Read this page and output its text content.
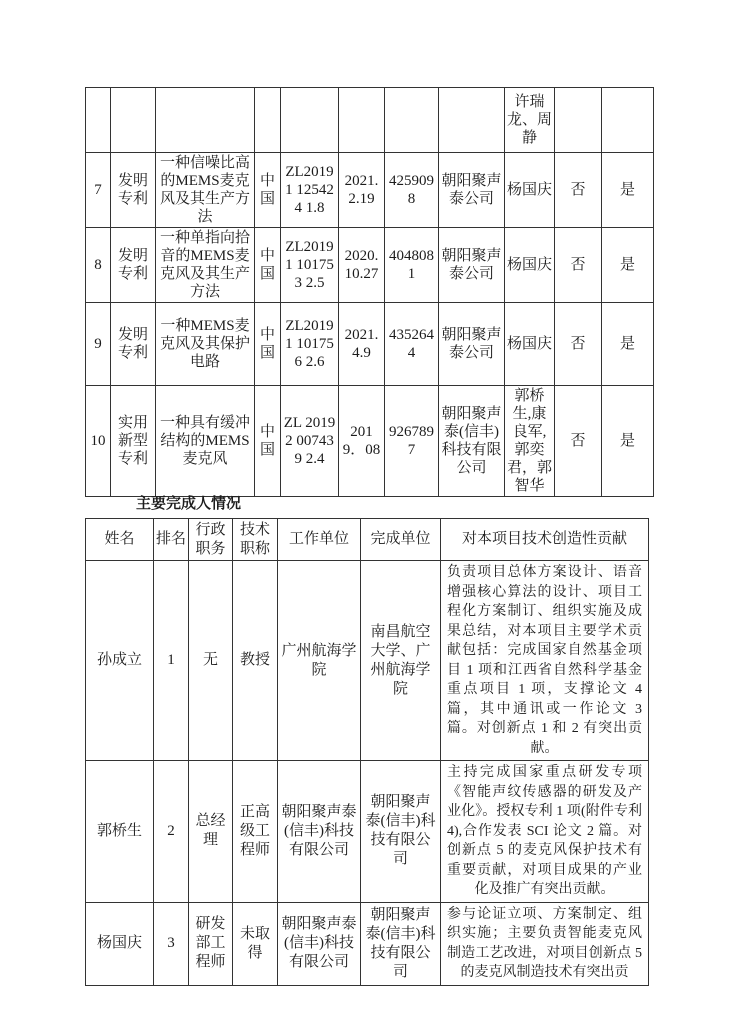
								许瑞龙、周静		
7	发明专利	一种信噪比高的MEMS麦克风及其生产方法	中国	ZL2019 1 125424 1.8	2021.2.19	4259098	朝阳聚声泰公司	杨国庆	否	是
8	发明专利	一种单指向拾音的MEMS麦克风及其生产方法	中国	ZL2019 1 101753 2.5	2020.10.27	4048081	朝阳聚声泰公司	杨国庆	否	是
9	发明专利	一种MEMS麦克风及其保护电路	中国	ZL2019 1 101756 2.6	2021.4.9	4352644	朝阳聚声泰公司	杨国庆	否	是
10	实用新型专利	一种具有缓冲结构的MEMS麦克风	中国	ZL 2019 2 007439 2.4	2019．08	9267897	朝阳聚声泰(信丰)科技有限公司	郭桥生,康良军,郭奕君，郭智华	否	是
主要完成人情况
姓名	排名	行政职务	技术职称	工作单位	完成单位	对本项目技术创造性贡献
孙成立	1	无	教授	广州航海学院	南昌航空大学、广州航海学院	负责项目总体方案设计、语音增强核心算法的设计、项目工程化方案制订、组织实施及成果总结，对本项目主要学术贡献包括：完成国家自然基金项目 1 项和江西省自然科学基金重点项目 1 项，支撑论文 4 篇，其中通讯或一作论文 3 篇。对创新点 1 和 2 有突出贡献。
郭桥生	2	总经理	正高级工程师	朝阳聚声泰(信丰)科技有限公司	朝阳聚声泰(信丰)科技有限公司	主持完成国家重点研发专项《智能声纹传感器的研发及产业化》。授权专利 1 项(附件专利 4),合作发表 SCI 论文 2 篇。对创新点 5 的麦克风保护技术有重要贡献，对项目成果的产业化及推广有突出贡献。
杨国庆	3	研发部工程师	未取得	朝阳聚声泰(信丰)科技有限公司	朝阳聚声泰(信丰)科技有限公司	参与论证立项、方案制定、组织实施；主要负责智能麦克风制造工艺改进，对项目创新点 5 的麦克风制造技术有突出贡
